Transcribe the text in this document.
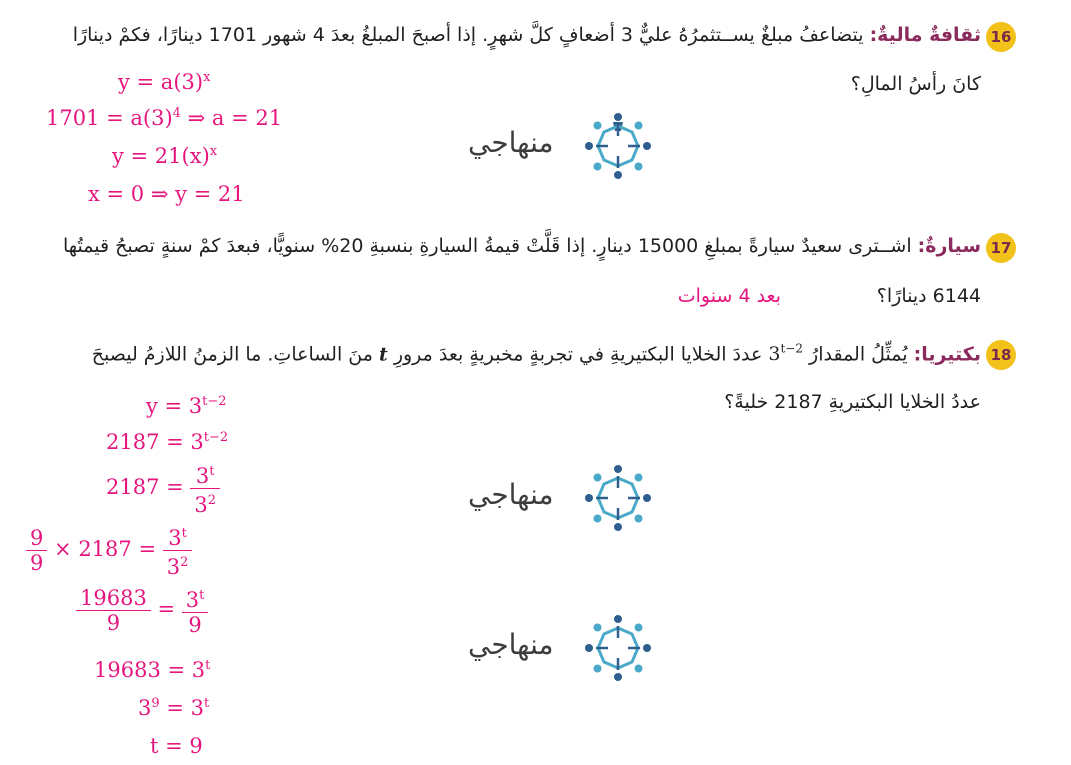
16
ثقافةٌ ماليةٌ: يتضاعفُ مبلغٌ يســتثمرُهُ عليٌّ 3 أضعافٍ كلَّ شهرٍ. إذا أصبحَ المبلغُ بعدَ 4 شهور 1701 دينارًا، فكمْ دينارًا
كانَ رأسُ المالِ؟
$y = a(3)^x$
$1701 = a(3)^4$ ⇒ a = 21
$y = 21(x)^x$
x = 0 ⇒ y = 21
منهاجي
17
سيارةٌ: اشــترى سعيدٌ سيارةً بمبلغِ 15000 دينارٍ. إذا قَلَّتْ قيمةُ السيارةِ بنسبةِ 20% سنويًّا، فبعدَ كمْ سنةٍ تصبحُ قيمتُها
6144 دينارًا؟
بعد 4 سنوات
18
بكتيريا: يُمثِّلُ المقدارُ $3^{t-2}$ عددَ الخلايا البكتيريةِ في تجربةٍ مخبريةٍ بعدَ مرورِ t منَ الساعاتِ. ما الزمنُ اللازمُ ليصبحَ
عددُ الخلايا البكتيريةِ 2187 خليةً؟
$y = 3^{t-2}$
$2187 = 3^{t-2}$
$2187 = \frac{3^t}{3^2}$
$\frac{9}{9} \times 2187 = \frac{3^t}{3^2}$
$\frac{19683}{9} = \frac{3^t}{9}$
$19683 = 3^t$
$3^9 = 3^t$
t = 9
منهاجي
منهاجي
